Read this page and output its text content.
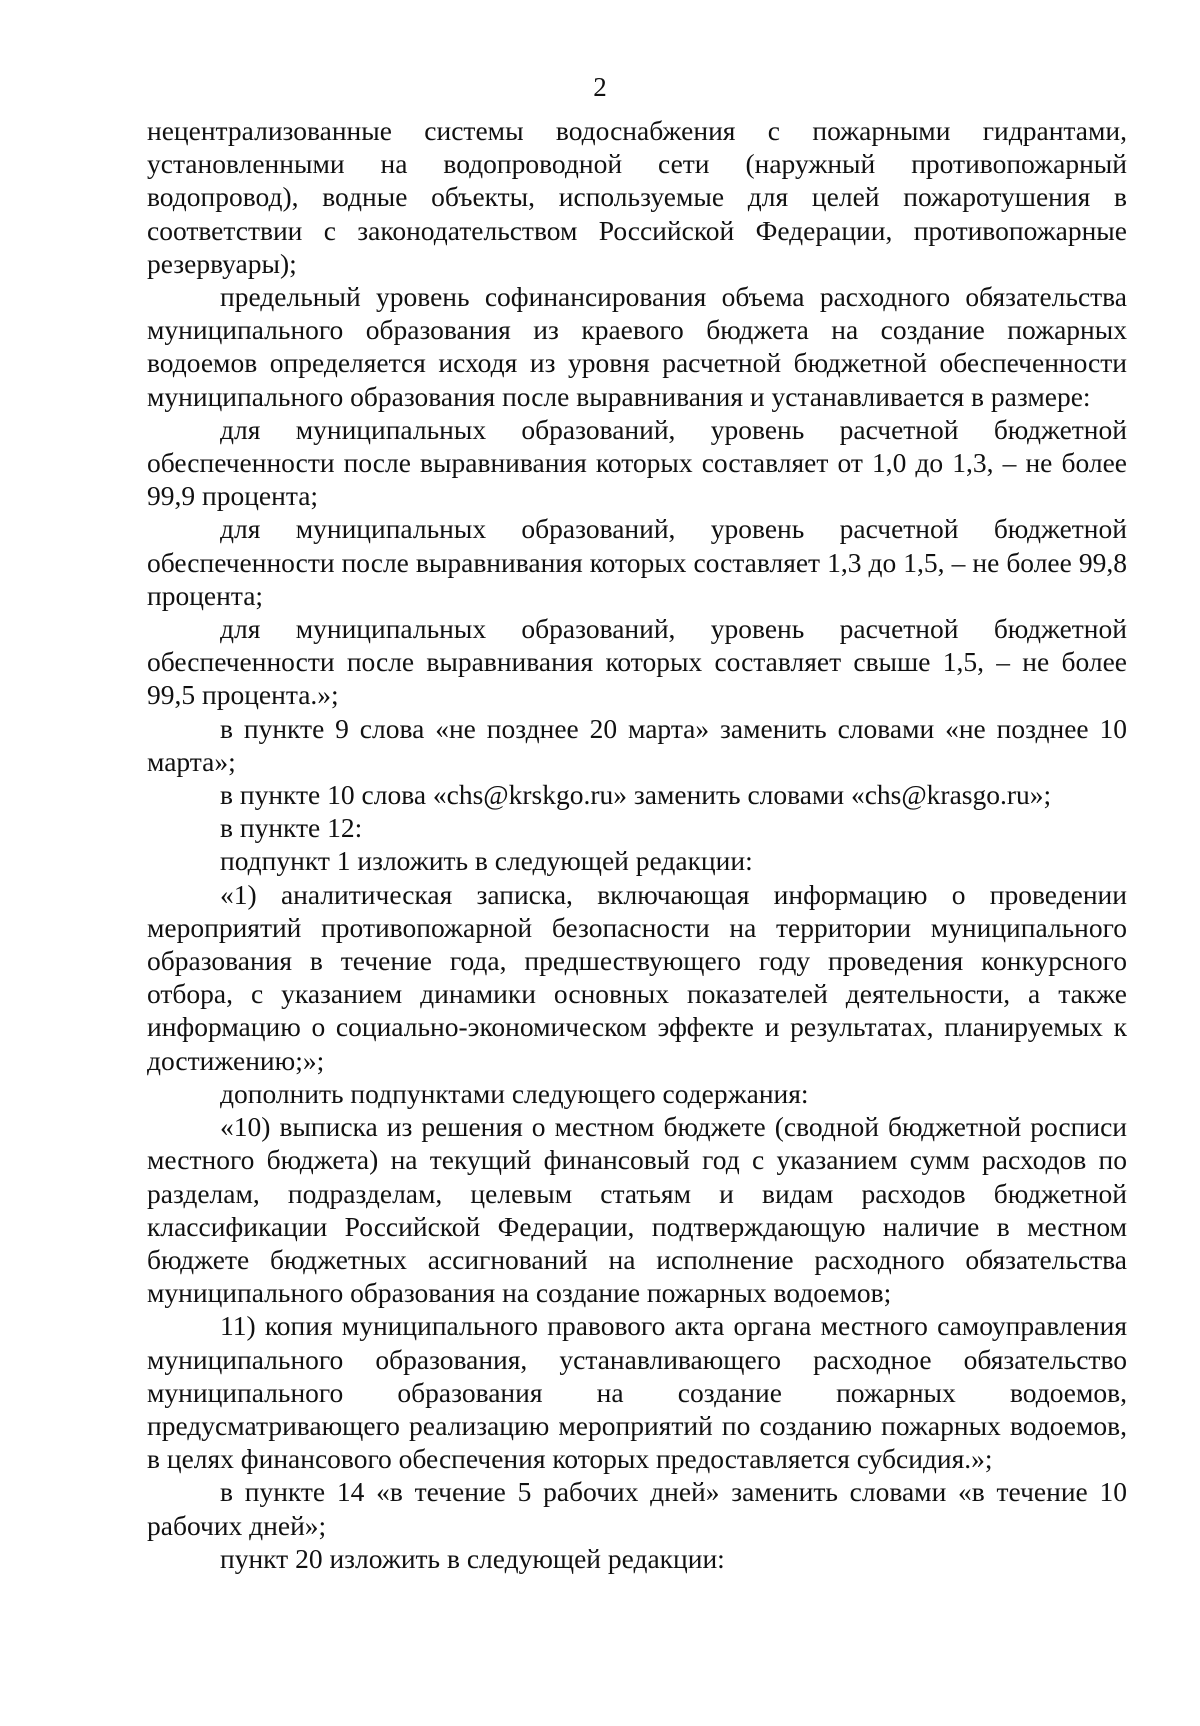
2

нецентрализованные системы водоснабжения с пожарными гидрантами, установленными на водопроводной сети (наружный противопожарный водопровод), водные объекты, используемые для целей пожаротушения в соответствии с законодательством Российской Федерации, противопожарные резервуары);

предельный уровень софинансирования объема расходного обязательства муниципального образования из краевого бюджета на создание пожарных водоемов определяется исходя из уровня расчетной бюджетной обеспеченности муниципального образования после выравнивания и устанавливается в размере:

для муниципальных образований, уровень расчетной бюджетной обеспеченности после выравнивания которых составляет от 1,0 до 1,3, – не более 99,9 процента;

для муниципальных образований, уровень расчетной бюджетной обеспеченности после выравнивания которых составляет 1,3 до 1,5, – не более 99,8 процента;

для муниципальных образований, уровень расчетной бюджетной обеспеченности после выравнивания которых составляет свыше 1,5, – не более 99,5 процента.»;

в пункте 9 слова «не позднее 20 марта» заменить словами «не позднее 10 марта»;

в пункте 10 слова «chs@krskgo.ru» заменить словами «chs@krasgo.ru»;

в пункте 12:

подпункт 1 изложить в следующей редакции:

«1) аналитическая записка, включающая информацию о проведении мероприятий противопожарной безопасности на территории муниципального образования в течение года, предшествующего году проведения конкурсного отбора, с указанием динамики основных показателей деятельности, а также информацию о социально-экономическом эффекте и результатах, планируемых к достижению;»;

дополнить подпунктами следующего содержания:

«10) выписка из решения о местном бюджете (сводной бюджетной росписи местного бюджета) на текущий финансовый год с указанием сумм расходов по разделам, подразделам, целевым статьям и видам расходов бюджетной классификации Российской Федерации, подтверждающую наличие в местном бюджете бюджетных ассигнований на исполнение расходного обязательства муниципального образования на создание пожарных водоемов;

11) копия муниципального правового акта органа местного самоуправления муниципального образования, устанавливающего расходное обязательство муниципального образования на создание пожарных водоемов, предусматривающего реализацию мероприятий по созданию пожарных водоемов, в целях финансового обеспечения которых предоставляется субсидия.»;

в пункте 14 «в течение 5 рабочих дней» заменить словами «в течение 10 рабочих дней»;

пункт 20 изложить в следующей редакции:
